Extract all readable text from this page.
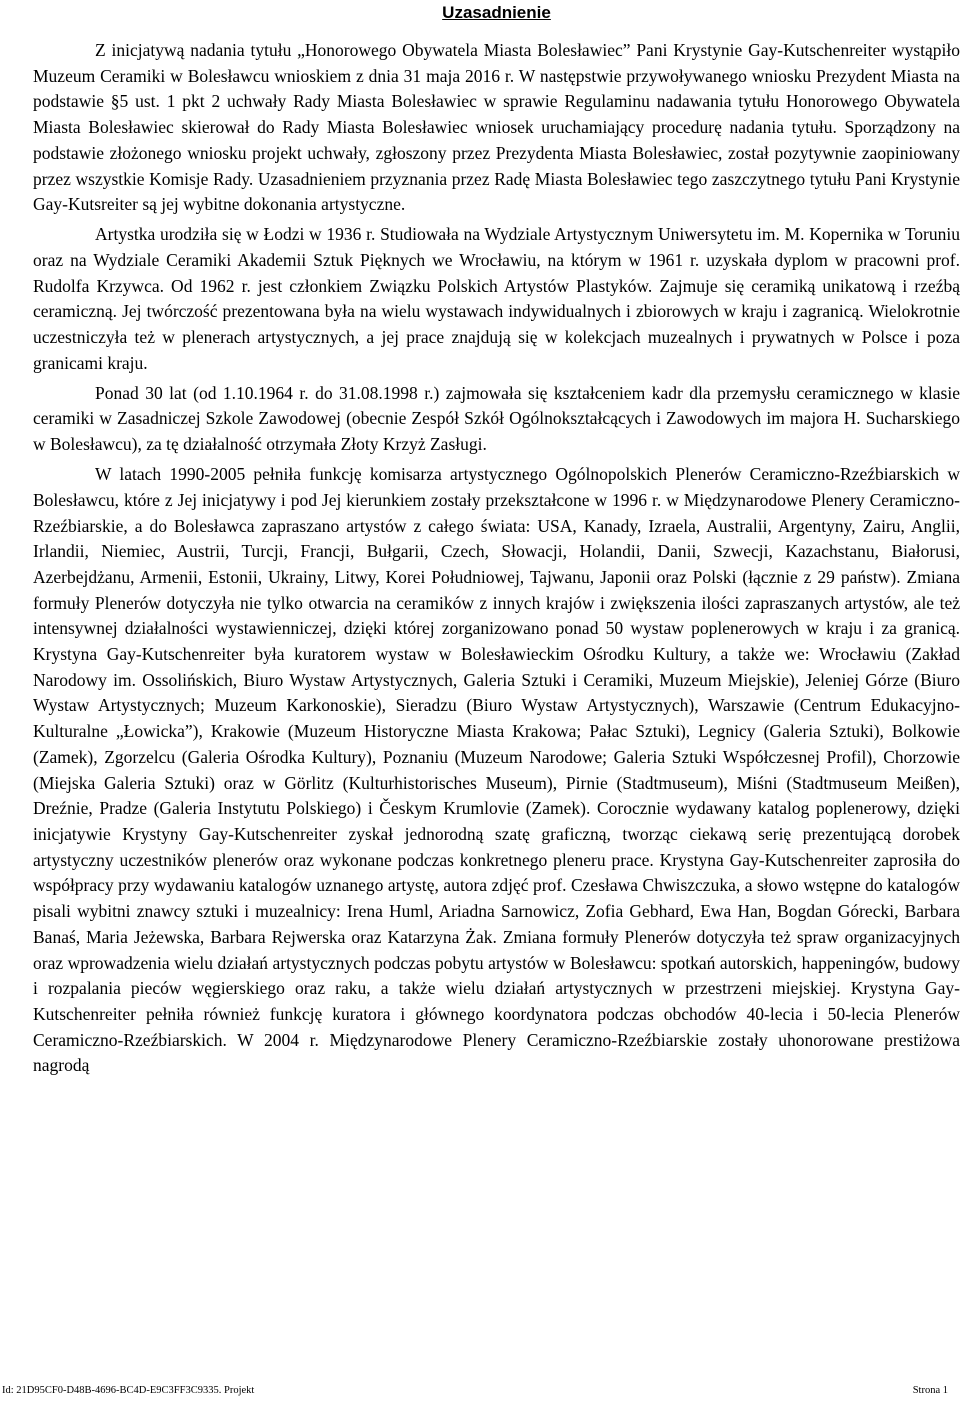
Uzasadnienie

Z inicjatywą nadania tytułu „Honorowego Obywatela Miasta Bolesławiec” Pani Krystynie Gay-Kutschenreiter wystąpiło Muzeum Ceramiki w Bolesławcu wnioskiem z dnia 31 maja 2016 r. W następstwie przywoływanego wniosku Prezydent Miasta na podstawie §5 ust. 1 pkt 2 uchwały Rady Miasta Bolesławiec w sprawie Regulaminu nadawania tytułu Honorowego Obywatela Miasta Bolesławiec skierował do Rady Miasta Bolesławiec wniosek uruchamiający procedurę nadania tytułu. Sporządzony na podstawie złożonego wniosku projekt uchwały, zgłoszony przez Prezydenta Miasta Bolesławiec, został pozytywnie zaopiniowany przez wszystkie Komisje Rady. Uzasadnieniem przyznania przez Radę Miasta Bolesławiec tego zaszczytnego tytułu Pani Krystynie Gay-Kutsreiter są jej wybitne dokonania artystyczne.

Artystka urodziła się w Łodzi w 1936 r. Studiowała na Wydziale Artystycznym Uniwersytetu im. M. Kopernika w Toruniu oraz na Wydziale Ceramiki Akademii Sztuk Pięknych we Wrocławiu, na którym w 1961 r. uzyskała dyplom w pracowni prof. Rudolfa Krzywca. Od 1962 r. jest członkiem Związku Polskich Artystów Plastyków. Zajmuje się ceramiką unikatową i rzeźbą ceramiczną. Jej twórczość prezentowana była na wielu wystawach indywidualnych i zbiorowych w kraju i zagranicą. Wielokrotnie uczestniczyła też w plenerach artystycznych, a jej prace znajdują się w kolekcjach muzealnych i prywatnych w Polsce i poza granicami kraju.

Ponad 30 lat (od 1.10.1964 r. do 31.08.1998 r.) zajmowała się kształceniem kadr dla przemysłu ceramicznego w klasie ceramiki w Zasadniczej Szkole Zawodowej (obecnie Zespół Szkół Ogólnokształcących i Zawodowych im majora H. Sucharskiego w Bolesławcu), za tę działalność otrzymała Złoty Krzyż Zasługi.

W latach 1990-2005 pełniła funkcję komisarza artystycznego Ogólnopolskich Plenerów Ceramiczno-Rzeźbiarskich w Bolesławcu, które z Jej inicjatywy i pod Jej kierunkiem zostały przekształcone w 1996 r. w Międzynarodowe Plenery Ceramiczno-Rzeźbiarskie, a do Bolesławca zapraszano artystów z całego świata: USA, Kanady, Izraela, Australii, Argentyny, Zairu, Anglii, Irlandii, Niemiec, Austrii, Turcji, Francji, Bułgarii, Czech, Słowacji, Holandii, Danii, Szwecji, Kazachstanu, Białorusi, Azerbejdżanu, Armenii, Estonii, Ukrainy, Litwy, Korei Południowej, Tajwanu, Japonii oraz Polski (łącznie z 29 państw). Zmiana formuły Plenerów dotyczyła nie tylko otwarcia na ceramików z innych krajów i zwiększenia ilości zapraszanych artystów, ale też intensywnej działalności wystawienniczej, dzięki której zorganizowano ponad 50 wystaw poplenerowych w kraju i za granicą. Krystyna Gay-Kutschenreiter była kuratorem wystaw w Bolesławieckim Ośrodku Kultury, a także we: Wrocławiu (Zakład Narodowy im. Ossolińskich, Biuro Wystaw Artystycznych, Galeria Sztuki i Ceramiki, Muzeum Miejskie), Jeleniej Górze (Biuro Wystaw Artystycznych; Muzeum Karkonoskie), Sieradzu (Biuro Wystaw Artystycznych), Warszawie (Centrum Edukacyjno-Kulturalne „Łowicka”), Krakowie (Muzeum Historyczne Miasta Krakowa; Pałac Sztuki), Legnicy (Galeria Sztuki), Bolkowie (Zamek), Zgorzelcu (Galeria Ośrodka Kultury), Poznaniu (Muzeum Narodowe; Galeria Sztuki Współczesnej Profil), Chorzowie (Miejska Galeria Sztuki) oraz w Görlitz (Kulturhistorisches Museum), Pirnie (Stadtmuseum), Miśni (Stadtmuseum Meißen), Dreźnie, Pradze (Galeria Instytutu Polskiego) i Českym Krumlovie (Zamek). Corocznie wydawany katalog poplenerowy, dzięki inicjatywie Krystyny Gay-Kutschenreiter zyskał jednorodną szatę graficzną, tworząc ciekawą serię prezentującą dorobek artystyczny uczestników plenerów oraz wykonane podczas konkretnego pleneru prace. Krystyna Gay-Kutschenreiter zaprosiła do współpracy przy wydawaniu katalogów uznanego artystę, autora zdjęć prof. Czesława Chwiszczuka, a słowo wstępne do katalogów pisali wybitni znawcy sztuki i muzealnicy: Irena Huml, Ariadna Sarnowicz, Zofia Gebhard, Ewa Han, Bogdan Górecki, Barbara Banaś, Maria Jeżewska, Barbara Rejwerska oraz Katarzyna Żak. Zmiana formuły Plenerów dotyczyła też spraw organizacyjnych oraz wprowadzenia wielu działań artystycznych podczas pobytu artystów w Bolesławcu: spotkań autorskich, happeningów, budowy i rozpalania pieców węgierskiego oraz raku, a także wielu działań artystycznych w przestrzeni miejskiej. Krystyna Gay-Kutschenreiter pełniła również funkcję kuratora i głównego koordynatora podczas obchodów 40-lecia i 50-lecia Plenerów Ceramiczno-Rzeźbiarskich. W 2004 r. Międzynarodowe Plenery Ceramiczno-Rzeźbiarskie zostały uhonorowane prestiżowa nagrodą

Id: 21D95CF0-D48B-4696-BC4D-E9C3FF3C9335. Projekt	Strona 1
